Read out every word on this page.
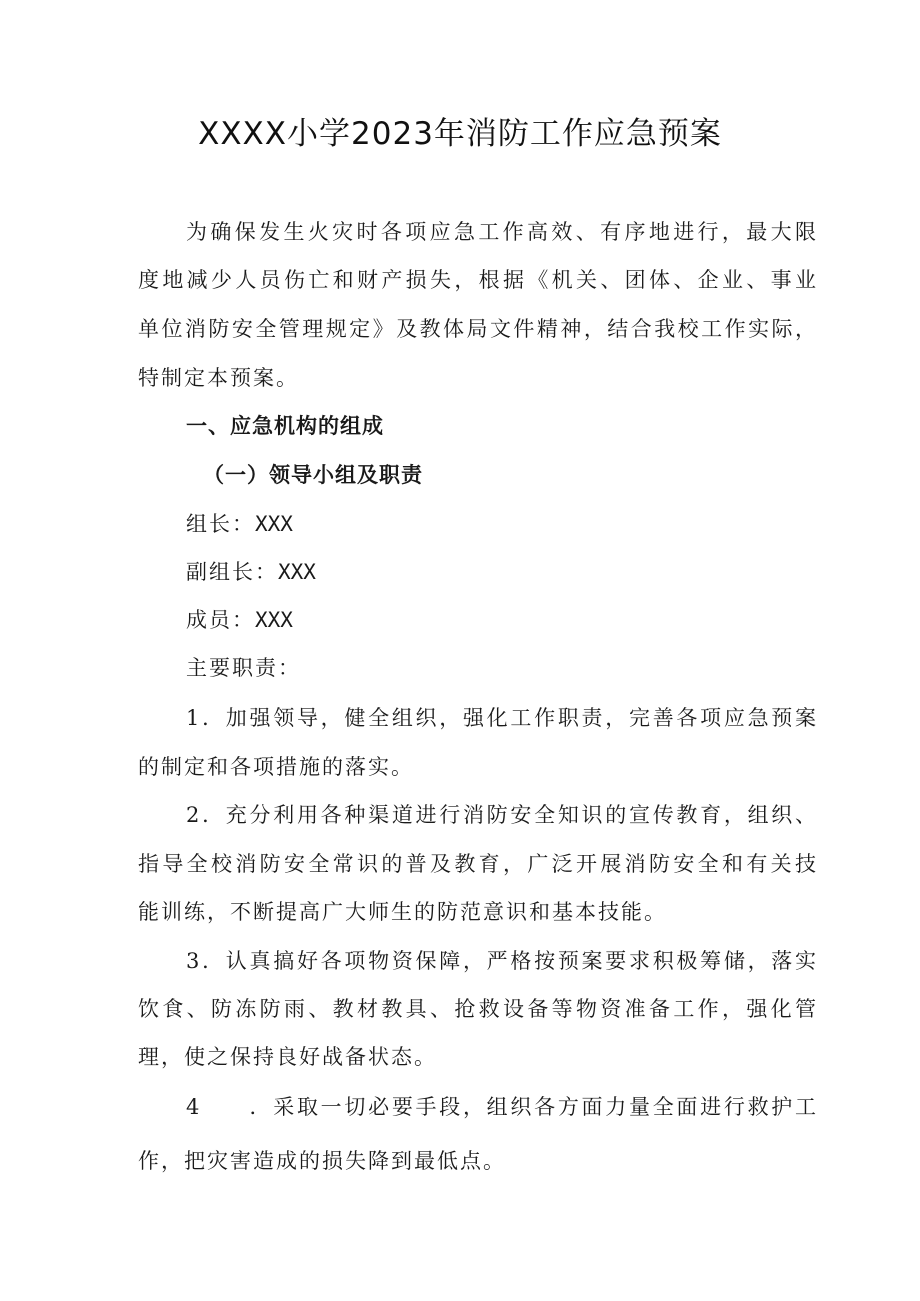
XXXX小学2023年消防工作应急预案
为确保发生火灾时各项应急工作高效、有序地进行，最大限
度地减少人员伤亡和财产损失，根据《机关、团体、企业、事业
单位消防安全管理规定》及教体局文件精神，结合我校工作实际，
特制定本预案。
一、应急机构的组成
（一）领导小组及职责
组长：XXX
副组长：XXX
成员：XXX
主要职责：
1．加强领导，健全组织，强化工作职责，完善各项应急预案
的制定和各项措施的落实。
2．充分利用各种渠道进行消防安全知识的宣传教育，组织、
指导全校消防安全常识的普及教育，广泛开展消防安全和有关技
能训练，不断提高广大师生的防范意识和基本技能。
3．认真搞好各项物资保障，严格按预案要求积极筹储，落实
饮食、防冻防雨、教材教具、抢救设备等物资准备工作，强化管
理，使之保持良好战备状态。
4　　．采取一切必要手段，组织各方面力量全面进行救护工
作，把灾害造成的损失降到最低点。
